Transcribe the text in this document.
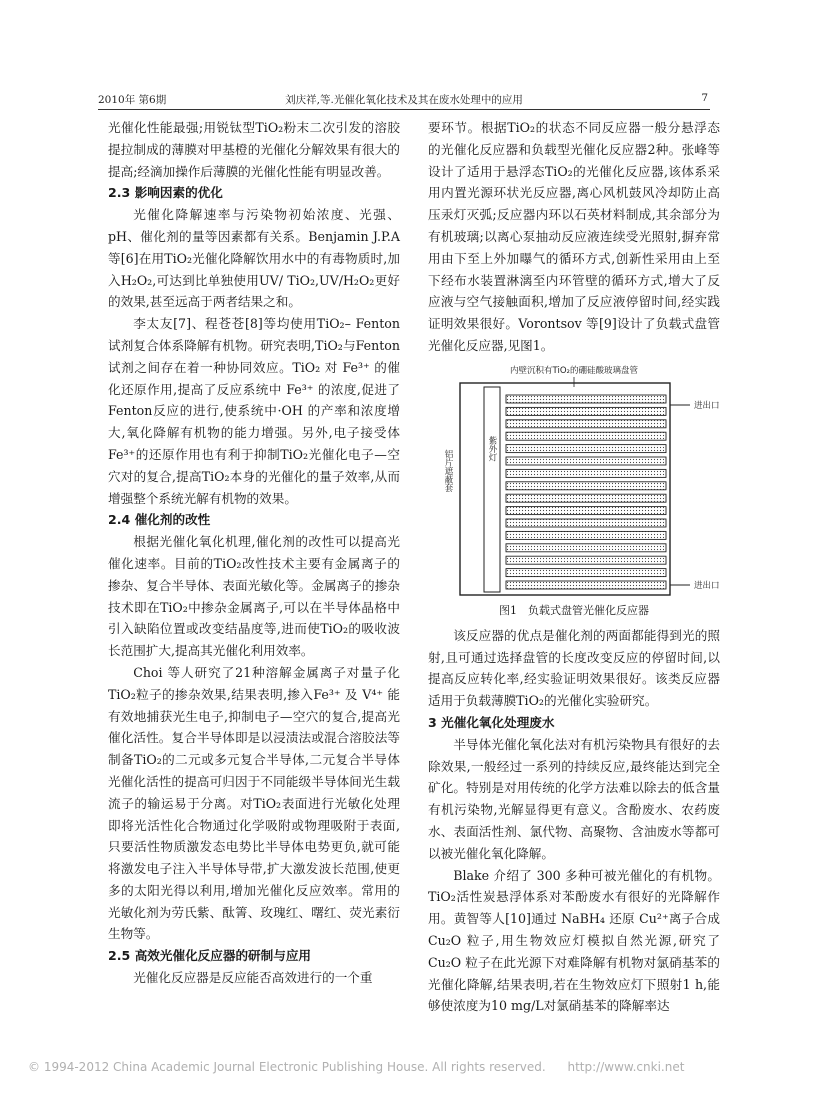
2010年 第6期	刘庆祥,等.光催化氧化技术及其在废水处理中的应用	7

光催化性能最强;用锐钛型TiO₂粉末二次引发的溶胶提拉制成的薄膜对甲基橙的光催化分解效果有很大的提高;经滴加操作后薄膜的光催化性能有明显改善。

2.3 影响因素的优化

光催化降解速率与污染物初始浓度、光强、pH、催化剂的量等因素都有关系。Benjamin J.P.A等[6]在用TiO₂光催化降解饮用水中的有毒物质时,加入H₂O₂,可达到比单独使用UV/ TiO₂,UV/H₂O₂更好的效果,甚至远高于两者结果之和。

李太友[7]、程苍苍[8]等均使用TiO₂– Fenton试剂复合体系降解有机物。研究表明,TiO₂与Fenton试剂之间存在着一种协同效应。TiO₂ 对 Fe³⁺ 的催化还原作用,提高了反应系统中 Fe³⁺ 的浓度,促进了Fenton反应的进行,使系统中·OH 的产率和浓度增大,氧化降解有机物的能力增强。另外,电子接受体Fe³⁺的还原作用也有利于抑制TiO₂光催化电子—空穴对的复合,提高TiO₂本身的光催化的量子效率,从而增强整个系统光解有机物的效果。

2.4 催化剂的改性

根据光催化氧化机理,催化剂的改性可以提高光催化速率。目前的TiO₂改性技术主要有金属离子的掺杂、复合半导体、表面光敏化等。金属离子的掺杂技术即在TiO₂中掺杂金属离子,可以在半导体晶格中引入缺陷位置或改变结晶度等,进而使TiO₂的吸收波长范围扩大,提高其光催化利用效率。

Choi 等人研究了21种溶解金属离子对量子化TiO₂粒子的掺杂效果,结果表明,掺入Fe³⁺ 及 V⁴⁺ 能有效地捕获光生电子,抑制电子—空穴的复合,提高光催化活性。复合半导体即是以浸渍法或混合溶胶法等制备TiO₂的二元或多元复合半导体,二元复合半导体光催化活性的提高可归因于不同能级半导体间光生载流子的输运易于分离。对TiO₂表面进行光敏化处理即将光活性化合物通过化学吸附或物理吸附于表面,只要活性物质激发态电势比半导体电势更负,就可能将激发电子注入半导体导带,扩大激发波长范围,使更多的太阳光得以利用,增加光催化反应效率。常用的光敏化剂为劳氏紫、酞箐、玫瑰红、曙红、荧光素衍生物等。

2.5 高效光催化反应器的研制与应用

光催化反应器是反应能否高效进行的一个重

要环节。根据TiO₂的状态不同反应器一般分悬浮态的光催化反应器和负载型光催化反应器2种。张峰等设计了适用于悬浮态TiO₂的光催化反应器,该体系采用内置光源环状光反应器,离心风机鼓风冷却防止高压汞灯灭弧;反应器内环以石英材料制成,其余部分为有机玻璃;以离心泵抽动反应液连续受光照射,摒弃常用由下至上外加曝气的循环方式,创新性采用由上至下经布水装置淋漓至内环管壁的循环方式,增大了反应液与空气接触面积,增加了反应液停留时间,经实践证明效果很好。Vorontsov 等[9]设计了负载式盘管光催化反应器,见图1。

内壁沉积有TiO₂的硼硅酸玻璃盘管
铝片遮蔽套
紫外灯
进出口
进出口
图1　负载式盘管光催化反应器

该反应器的优点是催化剂的两面都能得到光的照射,且可通过选择盘管的长度改变反应的停留时间,以提高反应转化率,经实验证明效果很好。该类反应器适用于负载薄膜TiO₂的光催化实验研究。

3 光催化氧化处理废水

半导体光催化氧化法对有机污染物具有很好的去除效果,一般经过一系列的持续反应,最终能达到完全矿化。特别是对用传统的化学方法难以除去的低含量有机污染物,光解显得更有意义。含酚废水、农药废水、表面活性剂、氯代物、高聚物、含油废水等都可以被光催化氧化降解。

Blake 介绍了 300 多种可被光催化的有机物。TiO₂活性炭悬浮体系对苯酚废水有很好的光降解作用。黄智等人[10]通过 NaBH₄ 还原 Cu²⁺离子合成Cu₂O 粒子,用生物效应灯模拟自然光源,研究了Cu₂O 粒子在此光源下对难降解有机物对氯硝基苯的光催化降解,结果表明,若在生物效应灯下照射1 h,能够使浓度为10 mg/L对氯硝基苯的降解率达

© 1994-2012 China Academic Journal Electronic Publishing House. All rights reserved. http://www.cnki.net
